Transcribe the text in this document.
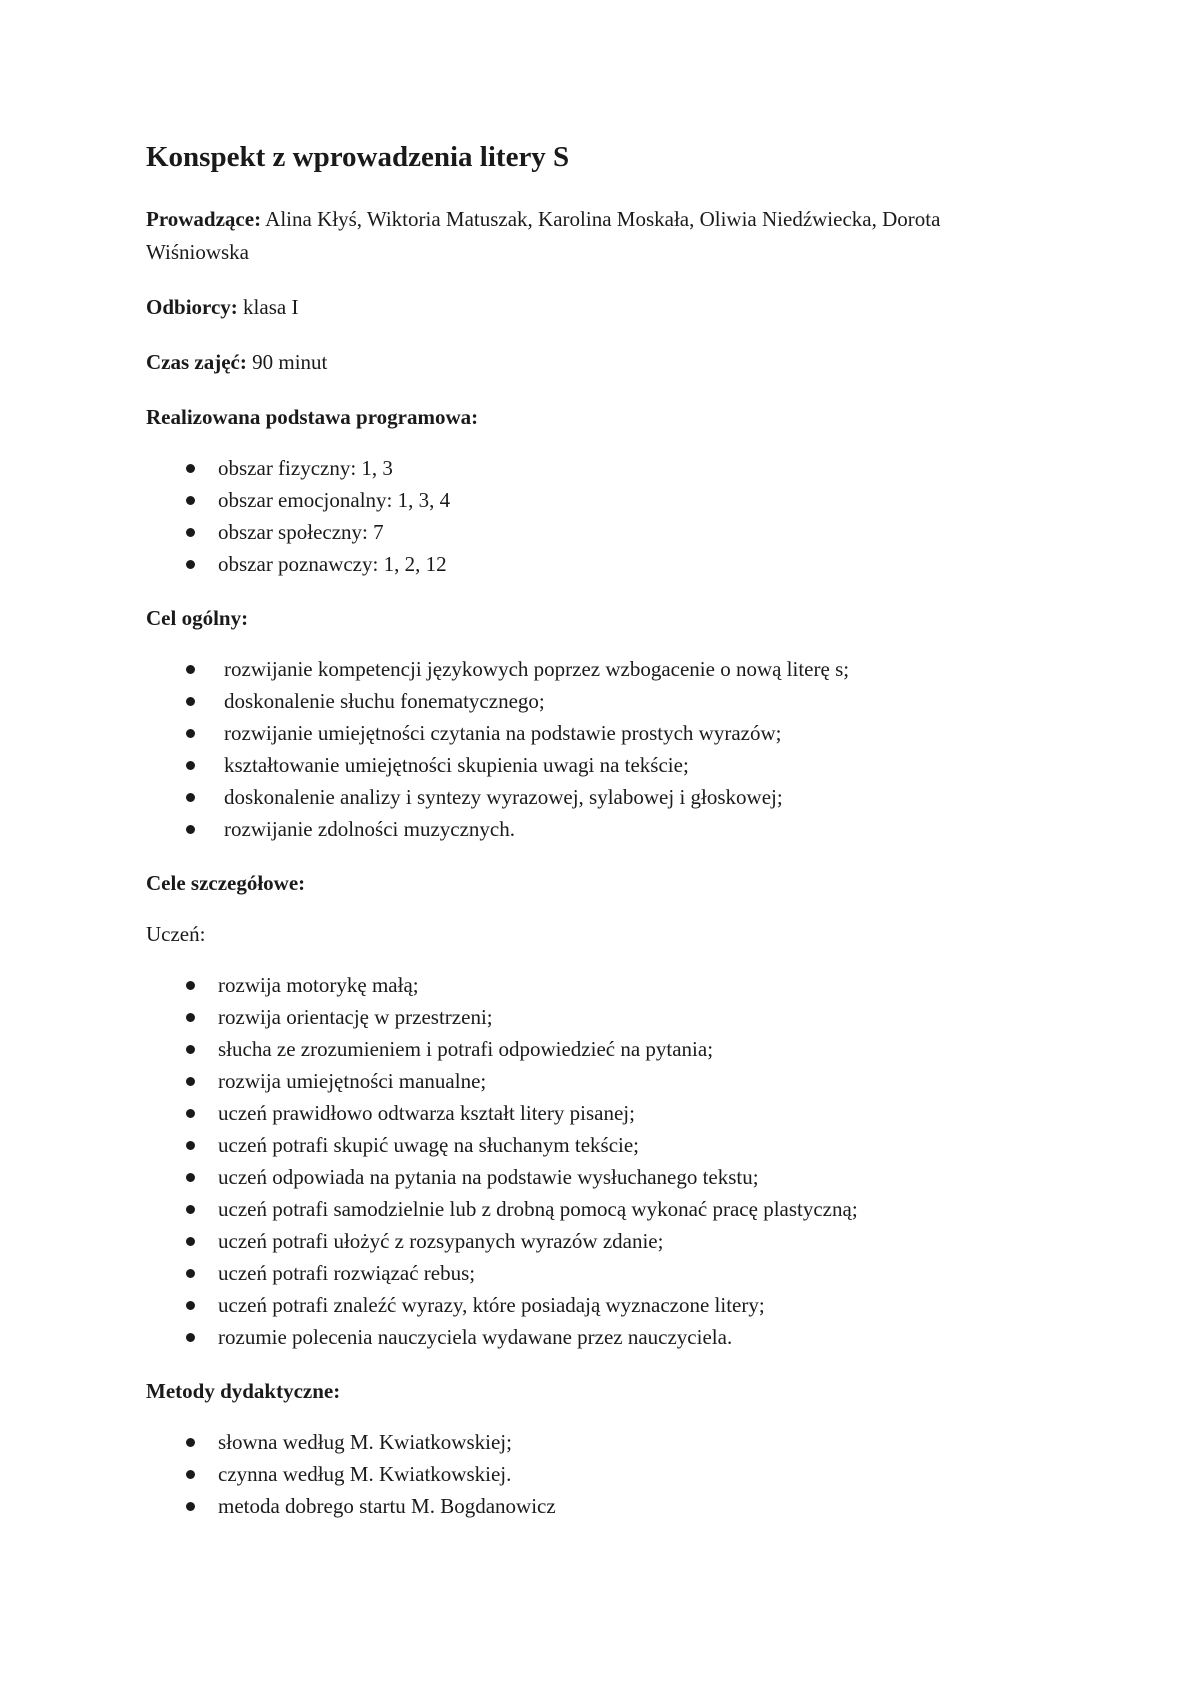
Konspekt z wprowadzenia litery S

Prowadzące: Alina Kłyś, Wiktoria Matuszak, Karolina Moskała, Oliwia Niedźwiecka, Dorota Wiśniowska

Odbiorcy: klasa I

Czas zajęć: 90 minut

Realizowana podstawa programowa:

obszar fizyczny: 1, 3
obszar emocjonalny: 1, 3, 4
obszar społeczny: 7
obszar poznawczy: 1, 2, 12

Cel ogólny:

rozwijanie kompetencji językowych poprzez wzbogacenie o nową literę s;
doskonalenie słuchu fonematycznego;
rozwijanie umiejętności czytania na podstawie prostych wyrazów;
kształtowanie umiejętności skupienia uwagi na tekście;
doskonalenie analizy i syntezy wyrazowej, sylabowej i głoskowej;
rozwijanie zdolności muzycznych.

Cele szczegółowe:

Uczeń:

rozwija motorykę małą;
rozwija orientację w przestrzeni;
słucha ze zrozumieniem i potrafi odpowiedzieć na pytania;
rozwija umiejętności manualne;
uczeń prawidłowo odtwarza kształt litery pisanej;
uczeń potrafi skupić uwagę na słuchanym tekście;
uczeń odpowiada na pytania na podstawie wysłuchanego tekstu;
uczeń potrafi samodzielnie lub z drobną pomocą wykonać pracę plastyczną;
uczeń potrafi ułożyć z rozsypanych wyrazów zdanie;
uczeń potrafi rozwiązać rebus;
uczeń potrafi znaleźć wyrazy, które posiadają wyznaczone litery;
rozumie polecenia nauczyciela wydawane przez nauczyciela.

Metody dydaktyczne:

słowna według M. Kwiatkowskiej;
czynna według M. Kwiatkowskiej.
metoda dobrego startu M. Bogdanowicz
